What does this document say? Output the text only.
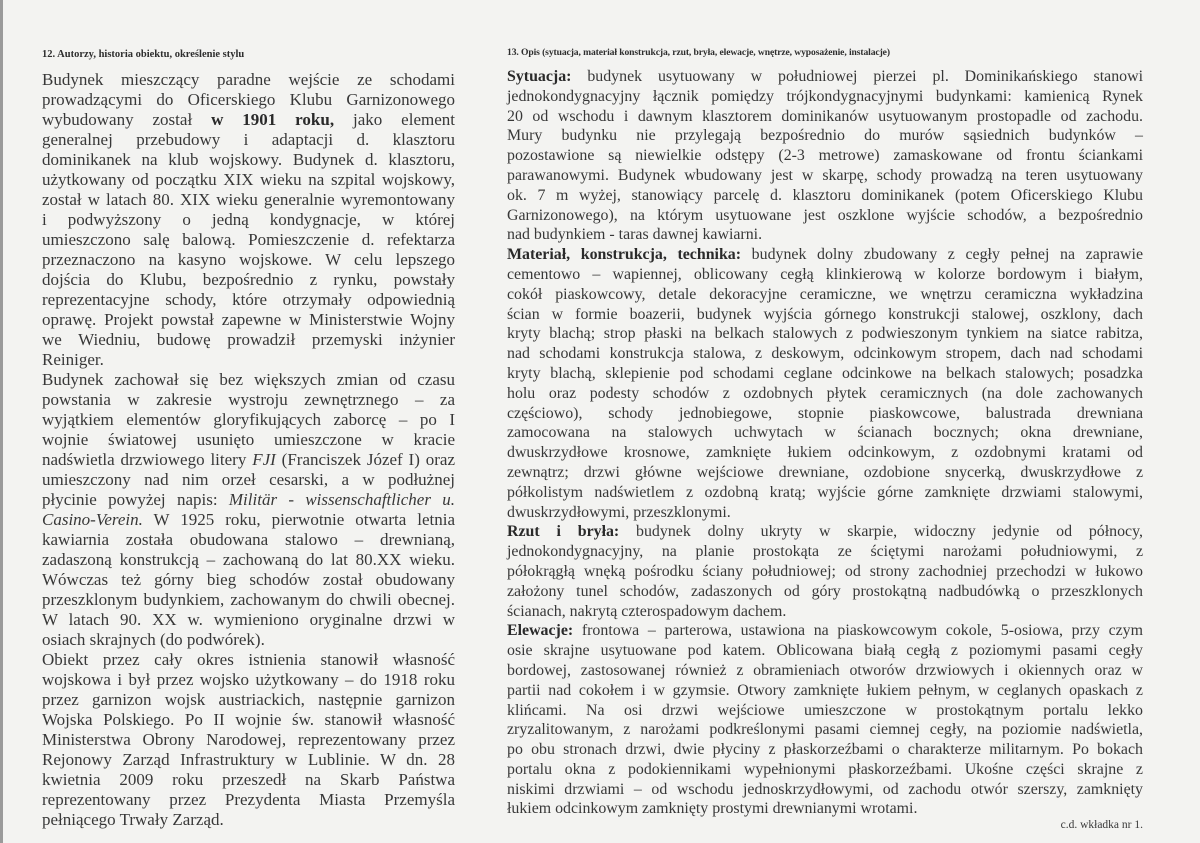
12. Autorzy, historia obiektu, określenie stylu
Budynek mieszczący paradne wejście ze schodami
prowadzącymi do Oficerskiego Klubu Garnizonowego
wybudowany został w 1901 roku, jako element
generalnej przebudowy i adaptacji d. klasztoru
dominikanek na klub wojskowy. Budynek d. klasztoru,
użytkowany od początku XIX wieku na szpital wojskowy,
został w latach 80. XIX wieku generalnie wyremontowany
i podwyższony o jedną kondygnacje, w której
umieszczono salę balową. Pomieszczenie d. refektarza
przeznaczono na kasyno wojskowe. W celu lepszego
dojścia do Klubu, bezpośrednio z rynku, powstały
reprezentacyjne schody, które otrzymały odpowiednią
oprawę. Projekt powstał zapewne w Ministerstwie Wojny
we Wiedniu, budowę prowadził przemyski inżynier
Reiniger.
Budynek zachował się bez większych zmian od czasu
powstania w zakresie wystroju zewnętrznego – za
wyjątkiem elementów gloryfikujących zaborcę – po I
wojnie światowej usunięto umieszczone w kracie
nadświetla drzwiowego litery FJI (Franciszek Józef I) oraz
umieszczony nad nim orzeł cesarski, a w podłużnej
płycinie powyżej napis: Militär - wissenschaftlicher u.
Casino-Verein. W 1925 roku, pierwotnie otwarta letnia
kawiarnia została obudowana stalowo – drewnianą,
zadaszoną konstrukcją – zachowaną do lat 80.XX wieku.
Wówczas też górny bieg schodów został obudowany
przeszklonym budynkiem, zachowanym do chwili obecnej.
W latach 90. XX w. wymieniono oryginalne drzwi w
osiach skrajnych (do podwórek).
Obiekt przez cały okres istnienia stanowił własność
wojskowa i był przez wojsko użytkowany – do 1918 roku
przez garnizon wojsk austriackich, następnie garnizon
Wojska Polskiego. Po II wojnie św. stanowił własność
Ministerstwa Obrony Narodowej, reprezentowany przez
Rejonowy Zarząd Infrastruktury w Lublinie. W dn. 28
kwietnia 2009 roku przeszedł na Skarb Państwa
reprezentowany przez Prezydenta Miasta Przemyśla
pełniącego Trwały Zarząd.
13. Opis (sytuacja, materiał konstrukcja, rzut, bryła, elewacje, wnętrze, wyposażenie, instalacje)
Sytuacja: budynek usytuowany w południowej pierzei pl. Dominikańskiego stanowi
jednokondygnacyjny łącznik pomiędzy trójkondygnacyjnymi budynkami: kamienicą Rynek
20 od wschodu i dawnym klasztorem dominikanów usytuowanym prostopadle od zachodu.
Mury budynku nie przylegają bezpośrednio do murów sąsiednich budynków –
pozostawione są niewielkie odstępy (2-3 metrowe) zamaskowane od frontu ściankami
parawanowymi. Budynek wbudowany jest w skarpę, schody prowadzą na teren usytuowany
ok. 7 m wyżej, stanowiący parcelę d. klasztoru dominikanek (potem Oficerskiego Klubu
Garnizonowego), na którym usytuowane jest oszklone wyjście schodów, a bezpośrednio
nad budynkiem - taras dawnej kawiarni.
Materiał, konstrukcja, technika: budynek dolny zbudowany z cegły pełnej na zaprawie
cementowo – wapiennej, oblicowany cegłą klinkierową w kolorze bordowym i białym,
cokół piaskowcowy, detale dekoracyjne ceramiczne, we wnętrzu ceramiczna wykładzina
ścian w formie boazerii, budynek wyjścia górnego konstrukcji stalowej, oszklony, dach
kryty blachą; strop płaski na belkach stalowych z podwieszonym tynkiem na siatce rabitza,
nad schodami konstrukcja stalowa, z deskowym, odcinkowym stropem, dach nad schodami
kryty blachą, sklepienie pod schodami ceglane odcinkowe na belkach stalowych; posadzka
holu oraz podesty schodów z ozdobnych płytek ceramicznych (na dole zachowanych
częściowo), schody jednobiegowe, stopnie piaskowcowe, balustrada drewniana
zamocowana na stalowych uchwytach w ścianach bocznych; okna drewniane,
dwuskrzydłowe krosnowe, zamknięte łukiem odcinkowym, z ozdobnymi kratami od
zewnątrz; drzwi główne wejściowe drewniane, ozdobione snycerką, dwuskrzydłowe z
półkolistym nadświetlem z ozdobną kratą; wyjście górne zamknięte drzwiami stalowymi,
dwuskrzydłowymi, przeszklonymi.
Rzut i bryła: budynek dolny ukryty w skarpie, widoczny jedynie od północy,
jednokondygnacyjny, na planie prostokąta ze ściętymi narożami południowymi, z
półokrągłą wnęką pośrodku ściany południowej; od strony zachodniej przechodzi w łukowo
założony tunel schodów, zadaszonych od góry prostokątną nadbudówką o przeszklonych
ścianach, nakrytą czterospadowym dachem.
Elewacje: frontowa – parterowa, ustawiona na piaskowcowym cokole, 5-osiowa, przy czym
osie skrajne usytuowane pod katem. Oblicowana białą cegłą z poziomymi pasami cegły
bordowej, zastosowanej również z obramieniach otworów drzwiowych i okiennych oraz w
partii nad cokołem i w gzymsie. Otwory zamknięte łukiem pełnym, w ceglanych opaskach z
klińcami. Na osi drzwi wejściowe umieszczone w prostokątnym portalu lekko
zryzalitowanym, z narożami podkreślonymi pasami ciemnej cegły, na poziomie nadświetla,
po obu stronach drzwi, dwie płyciny z płaskorzeźbami o charakterze militarnym. Po bokach
portalu okna z podokiennikami wypełnionymi płaskorzeźbami. Ukośne części skrajne z
niskimi drzwiami – od wschodu jednoskrzydłowymi, od zachodu otwór szerszy, zamknięty
łukiem odcinkowym zamknięty prostymi drewnianymi wrotami.
c.d. wkładka nr 1.
